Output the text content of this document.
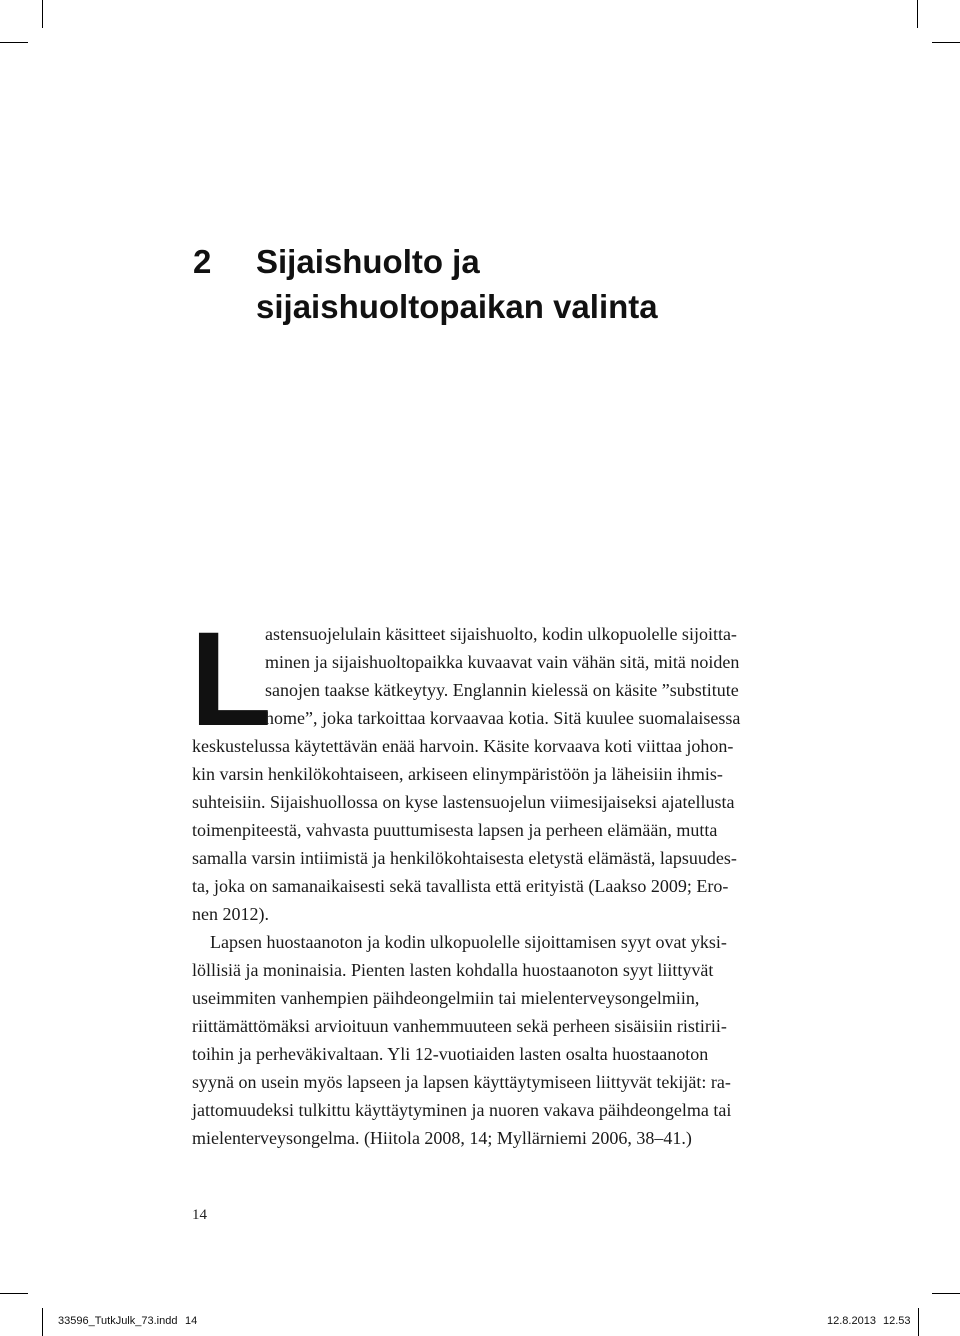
2 Sijaishuolto ja
sijaishuoltopaikan valinta
L
astensuojelulain käsitteet sijaishuolto, kodin ulkopuolelle sijoitta-
minen ja sijaishuoltopaikka kuvaavat vain vähän sitä, mitä noiden
sanojen taakse kätkeytyy. Englannin kielessä on käsite ”substitute
home”, joka tarkoittaa korvaavaa kotia. Sitä kuulee suomalaisessa
keskustelussa käytettävän enää harvoin. Käsite korvaava koti viittaa johon-
kin varsin henkilökohtaiseen, arkiseen elinympäristöön ja läheisiin ihmis-
suhteisiin. Sijaishuollossa on kyse lastensuojelun viimesijaiseksi ajatellusta
toimenpiteestä, vahvasta puuttumisesta lapsen ja perheen elämään, mutta
samalla varsin intiimistä ja henkilökohtaisesta eletystä elämästä, lapsuudes-
ta, joka on samanaikaisesti sekä tavallista että erityistä (Laakso 2009; Ero-
nen 2012).
Lapsen huostaanoton ja kodin ulkopuolelle sijoittamisen syyt ovat yksi-
löllisiä ja moninaisia. Pienten lasten kohdalla huostaanoton syyt liittyvät
useimmiten vanhempien päihdeongelmiin tai mielenterveysongelmiin,
riittämättömäksi arvioituun vanhemmuuteen sekä perheen sisäisiin ristirii-
toihin ja perheväkivaltaan. Yli 12-vuotiaiden lasten osalta huostaanoton
syynä on usein myös lapseen ja lapsen käyttäytymiseen liittyvät tekijät: ra-
jattomuudeksi tulkittu käyttäytyminen ja nuoren vakava päihdeongelma tai
mielenterveysongelma. (Hiitola 2008, 14; Myllärniemi 2006, 38–41.)
14
33596_TutkJulk_73.indd 14	12.8.2013 12.53
